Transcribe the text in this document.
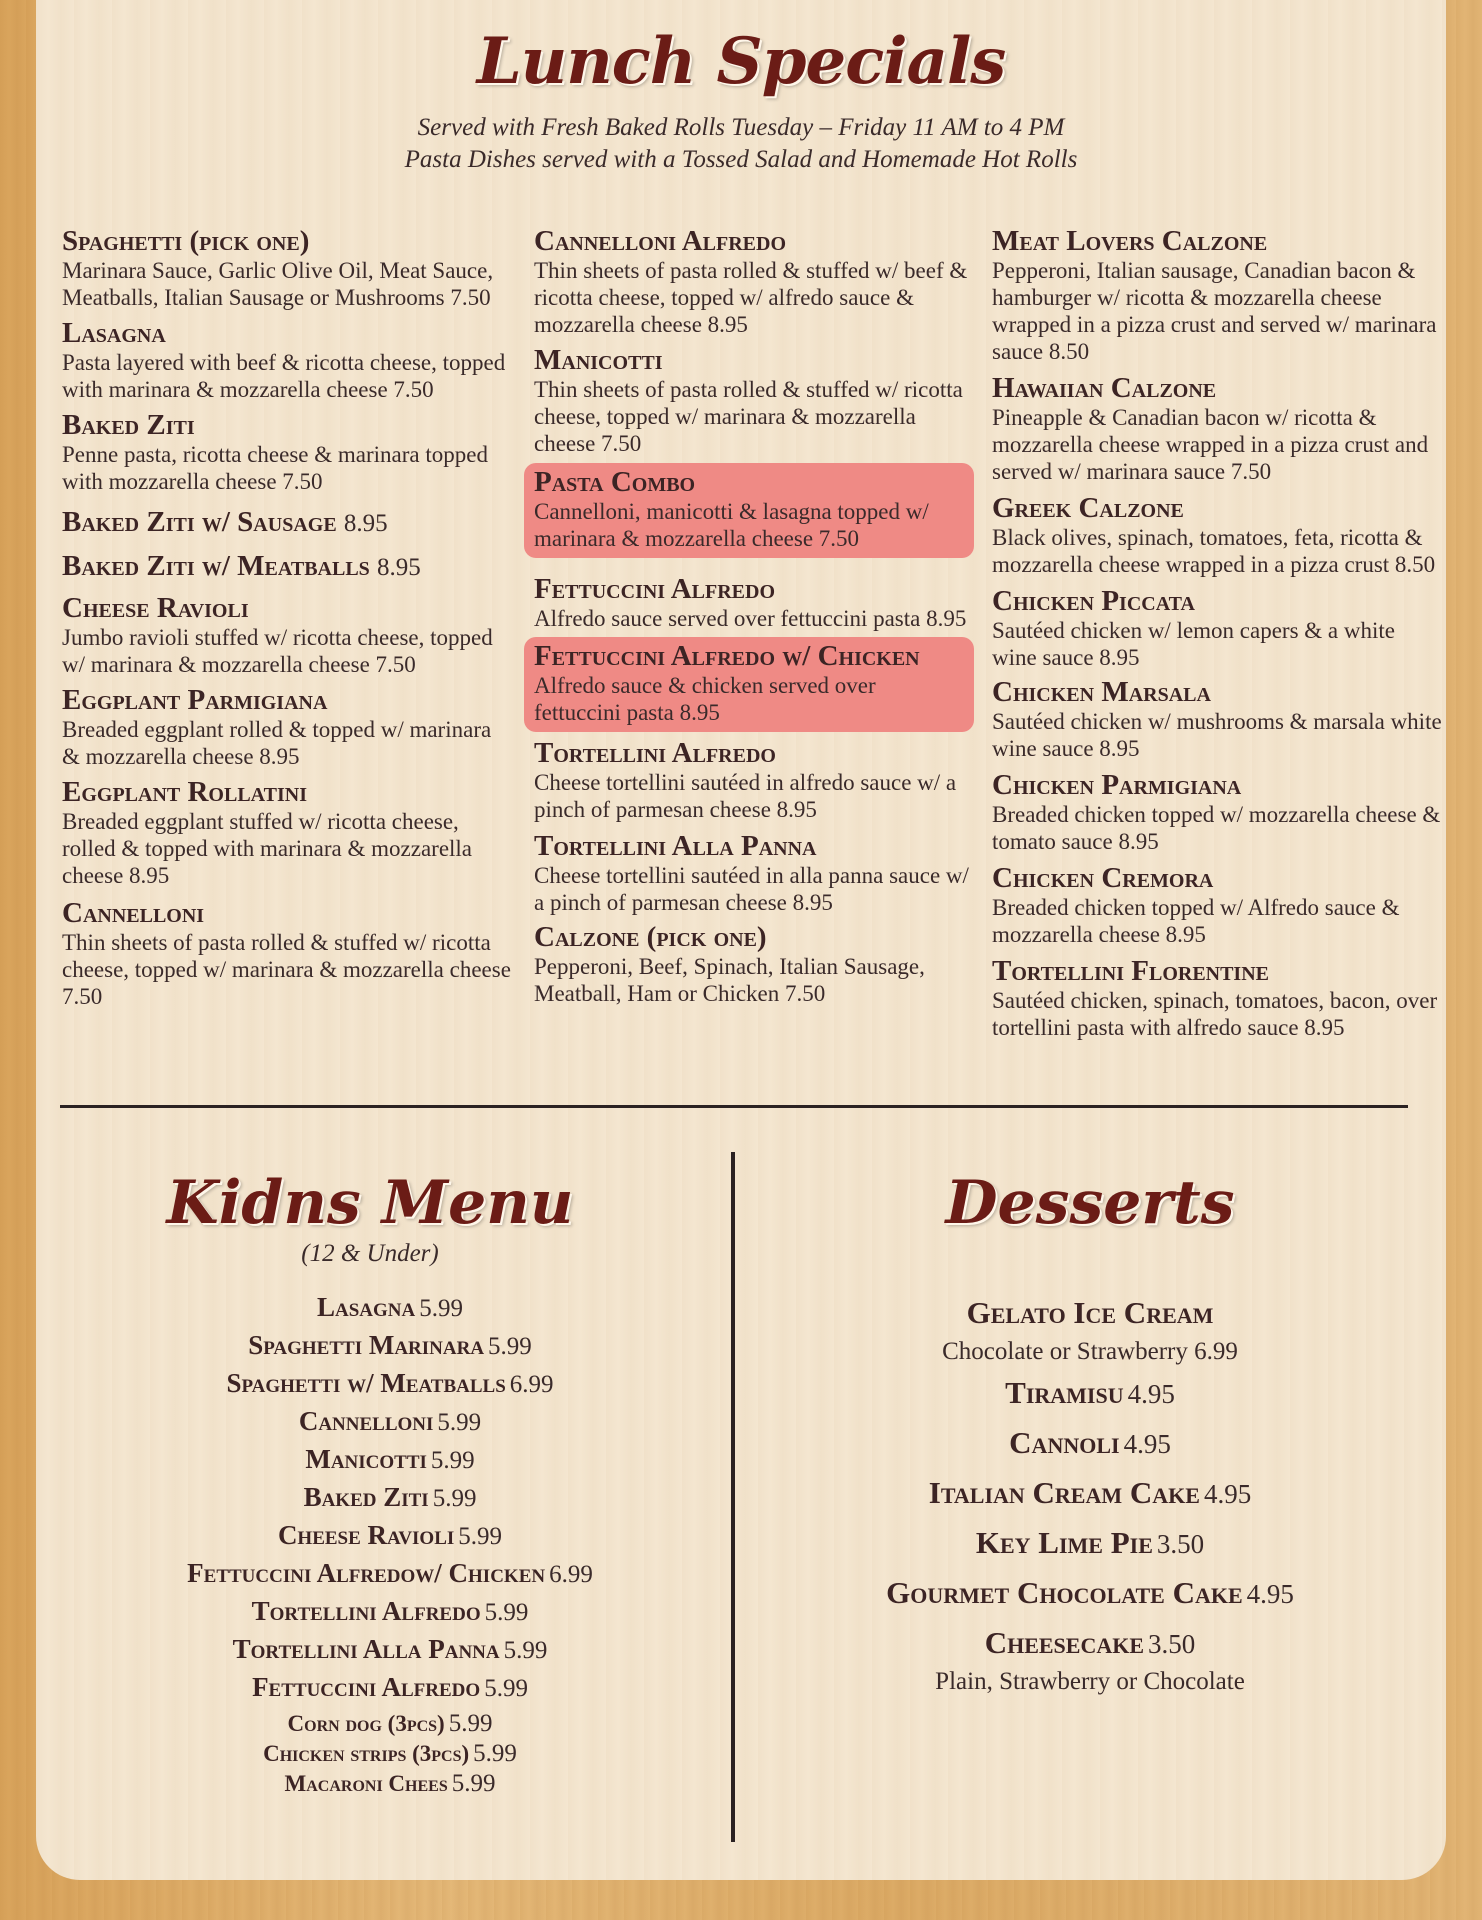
Lunch Specials
Served with Fresh Baked Rolls Tuesday – Friday 11 AM to 4 PM
Pasta Dishes served with a Tossed Salad and Homemade Hot Rolls
Spaghetti (pick one)
Marinara Sauce, Garlic Olive Oil, Meat Sauce, Meatballs, Italian Sausage or Mushrooms 7.50
Lasagna
Pasta layered with beef & ricotta cheese, topped with marinara & mozzarella cheese 7.50
Baked Ziti
Penne pasta, ricotta cheese & marinara topped with mozzarella cheese 7.50
Baked Ziti w/ Sausage 8.95
Baked Ziti w/ Meatballs 8.95
Cheese Ravioli
Jumbo ravioli stuffed w/ ricotta cheese, topped w/ marinara & mozzarella cheese 7.50
Eggplant Parmigiana
Breaded eggplant rolled & topped w/ marinara & mozzarella cheese 8.95
Eggplant Rollatini
Breaded eggplant stuffed w/ ricotta cheese, rolled & topped with marinara & mozzarella cheese 8.95
Cannelloni
Thin sheets of pasta rolled & stuffed w/ ricotta cheese, topped w/ marinara & mozzarella cheese 7.50
Cannelloni Alfredo
Thin sheets of pasta rolled & stuffed w/ beef & ricotta cheese, topped w/ alfredo sauce & mozzarella cheese 8.95
Manicotti
Thin sheets of pasta rolled & stuffed w/ ricotta cheese, topped w/ marinara & mozzarella cheese 7.50
Pasta Combo
Cannelloni, manicotti & lasagna topped w/ marinara & mozzarella cheese 7.50
Fettuccini Alfredo
Alfredo sauce served over fettuccini pasta 8.95
Fettuccini Alfredo w/ Chicken
Alfredo sauce & chicken served over fettuccini pasta 8.95
Tortellini Alfredo
Cheese tortellini sautéed in alfredo sauce w/ a pinch of parmesan cheese 8.95
Tortellini Alla Panna
Cheese tortellini sautéed in alla panna sauce w/ a pinch of parmesan cheese 8.95
Calzone (pick one)
Pepperoni, Beef, Spinach, Italian Sausage, Meatball, Ham or Chicken 7.50
Meat Lovers Calzone
Pepperoni, Italian sausage, Canadian bacon & hamburger w/ ricotta & mozzarella cheese wrapped in a pizza crust and served w/ marinara sauce 8.50
Hawaiian Calzone
Pineapple & Canadian bacon w/ ricotta & mozzarella cheese wrapped in a pizza crust and served w/ marinara sauce 7.50
Greek Calzone
Black olives, spinach, tomatoes, feta, ricotta & mozzarella cheese wrapped in a pizza crust 8.50
Chicken Piccata
Sautéed chicken w/ lemon capers & a white wine sauce 8.95
Chicken Marsala
Sautéed chicken w/ mushrooms & marsala white wine sauce 8.95
Chicken Parmigiana
Breaded chicken topped w/ mozzarella cheese & tomato sauce 8.95
Chicken Cremora
Breaded chicken topped w/ Alfredo sauce & mozzarella cheese 8.95
Tortellini Florentine
Sautéed chicken, spinach, tomatoes, bacon, over tortellini pasta with alfredo sauce 8.95
Kidns Menu
(12 & Under)
Lasagna 5.99
Spaghetti Marinara 5.99
Spaghetti w/ Meatballs 6.99
Cannelloni 5.99
Manicotti 5.99
Baked Ziti 5.99
Cheese Ravioli 5.99
Fettuccini Alfredow/ Chicken 6.99
Tortellini Alfredo 5.99
Tortellini Alla Panna 5.99
Fettuccini Alfredo 5.99
Corn dog (3pcs) 5.99
Chicken strips (3pcs) 5.99
Macaroni Chees 5.99
Desserts
Gelato Ice Cream
Chocolate or Strawberry 6.99
Tiramisu 4.95
Cannoli 4.95
Italian Cream Cake 4.95
Key Lime Pie 3.50
Gourmet Chocolate Cake 4.95
Cheesecake 3.50
Plain, Strawberry or Chocolate
